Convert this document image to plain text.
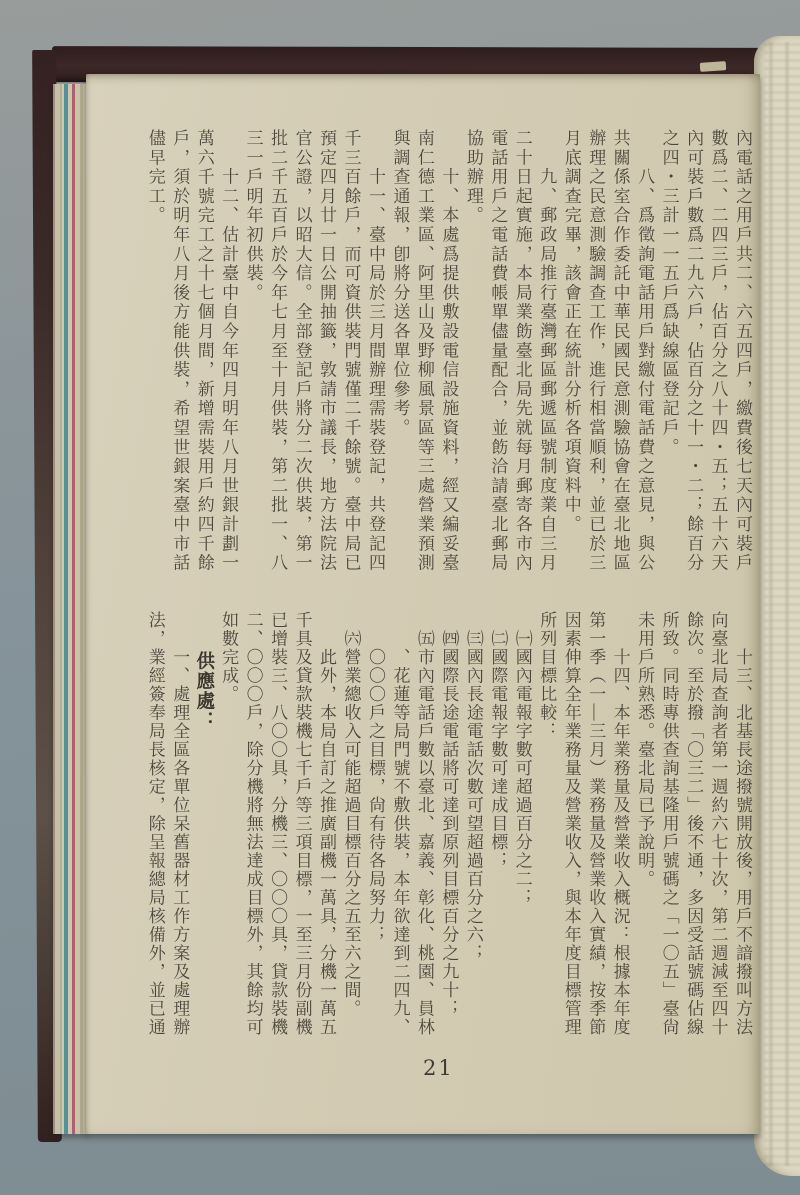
內電話之用戶共二、六五四戶，繳費後七天內可裝戶
數爲二、二四三戶，佔百分之八十四・五；五十六天
內可裝戶數爲二九六戶，佔百分之十一・二；餘百分
之四・三計一一五戶爲缺線區登記戶。
　　八、爲徵詢電話用戶對繳付電話費之意見，與公
共關係室合作委託中華民國民意測驗協會在臺北地區
辦理之民意測驗調查工作，進行相當順利，並已於三
月底調查完畢，該會正在統計分析各項資料中。
　　九、郵政局推行臺灣郵區郵遞區號制度業自三月
二十日起實施，本局業飭臺北局先就每月郵寄各市內
電話用戶之電話費帳單儘量配合，並飭洽請臺北郵局
協助辦理。
　　十、本處爲提供敷設電信設施資料，經又編妥臺
南仁德工業區、阿里山及野柳風景區等三處營業預測
與調查通報，卽將分送各單位參考。
　　十一、臺中局於三月間辦理需裝登記，共登記四
千三百餘戶，而可資供裝門號僅二千餘號。臺中局已
預定四月廿一日公開抽籤，敦請市議長，地方法院法
官公證，以昭大信。全部登記戶將分二次供裝，第一
批二千五百戶於今年七月至十月供裝，第二批一、八
三一戶明年初供裝。
　　十二、估計臺中自今年四月明年八月世銀計劃一
萬六千號完工之十七個月間，新增需裝用戶約四千餘
戶，須於明年八月後方能供裝，希望世銀案臺中市話
儘早完工。
　　十三、北基長途撥號開放後，用戶不諳撥叫方法
向臺北局查詢者第一週約六七十次，第二週減至四十
餘次。至於撥「〇三二」後不通，多因受話號碼佔線
所致。同時專供查詢基隆用戶號碼之「一〇五」臺尙
未用戶所熟悉。臺北局已予說明。
　　十四、本年業務量及營業收入概況：根據本年度
第一季（一—三月）業務量及營業收入實績，按季節
因素伸算全年業務量及營業收入，與本年度目標管理
所列目標比較：
　㈠國內電報字數可超過百分之二；
　㈡國際電報字數可達成目標；
　㈢國內長途電話次數可望超過百分之六；
　㈣國際長途電話將可達到原列目標百分之九十；
　㈤市內電話戶數以臺北、嘉義、彰化、桃園、員林
　　、花蓮等局門號不敷供裝，本年欲達到二四九、
　　〇〇〇戶之目標，尙有待各局努力；
　㈥營業總收入可能超過目標百分之五至六之間。
　　此外，本局自訂之推廣副機一萬具，分機一萬五
千具及貸款裝機七千戶等三項目標，一至三月份副機
已增裝三、八〇〇具，分機三、〇〇〇具，貸款裝機
二、〇〇〇戶，除分機將無法達成目標外，其餘均可
如數完成。
　　供應處：
　　一、處理全區各單位呆舊器材工作方案及處理辦
法，業經簽奉局長核定，除呈報總局核備外，並已通
21
